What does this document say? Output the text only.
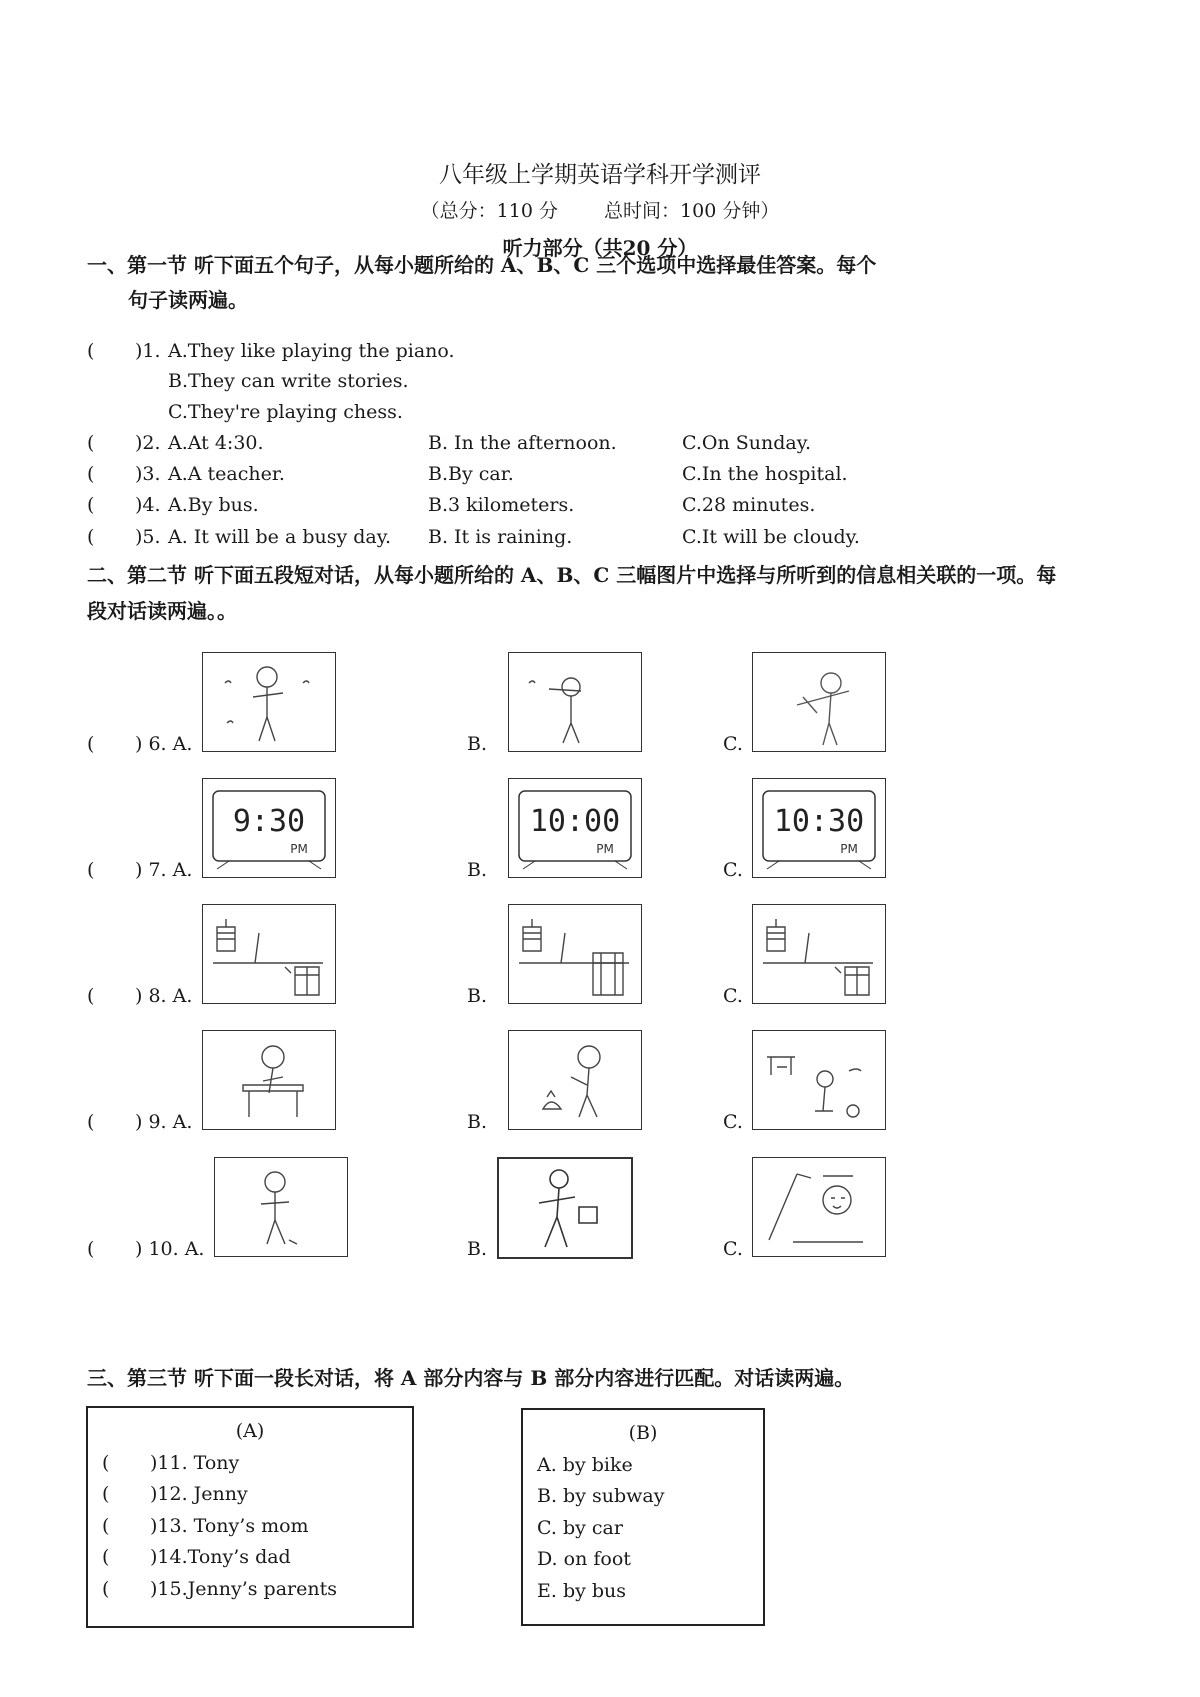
八年级上学期英语学科开学测评
（总分：110 分 总时间：100 分钟）
听力部分（共20 分）
一、第一节 听下面五个句子，从每小题所给的 A、B、C 三个选项中选择最佳答案。每个
句子读两遍。
( )1. A.They like playing the piano.
B.They can write stories.
C.They're playing chess.
( )2. A.At 4:30.	B. In the afternoon.	C.On Sunday.
( )3. A.A teacher.	B.By car.	C.In the hospital.
( )4. A.By bus.	B.3 kilometers.	C.28 minutes.
( )5. A. It will be a busy day. B. It is raining.	C.It will be cloudy.
二、第二节 听下面五段短对话，从每小题所给的 A、B、C 三幅图片中选择与所听到的信息相关联的一项。每
段对话读两遍。。
( ) 6. A.	B.	C.
( ) 7. A.
9:30
PM
B.
10:00
PM
C.
10:30
PM
( ) 8. A.	B.	C.
( ) 9. A.	B.	C.
( ) 10. A.	B.	C.
三、第三节 听下面一段长对话，将 A 部分内容与 B 部分内容进行匹配。对话读两遍。
(A)
( )11. Tony
( )12. Jenny
( )13. Tony’s mom
( )14.Tony’s dad
( )15.Jenny’s parents
(B)
A. by bike
B. by subway
C. by car
D. on foot
E. by bus
